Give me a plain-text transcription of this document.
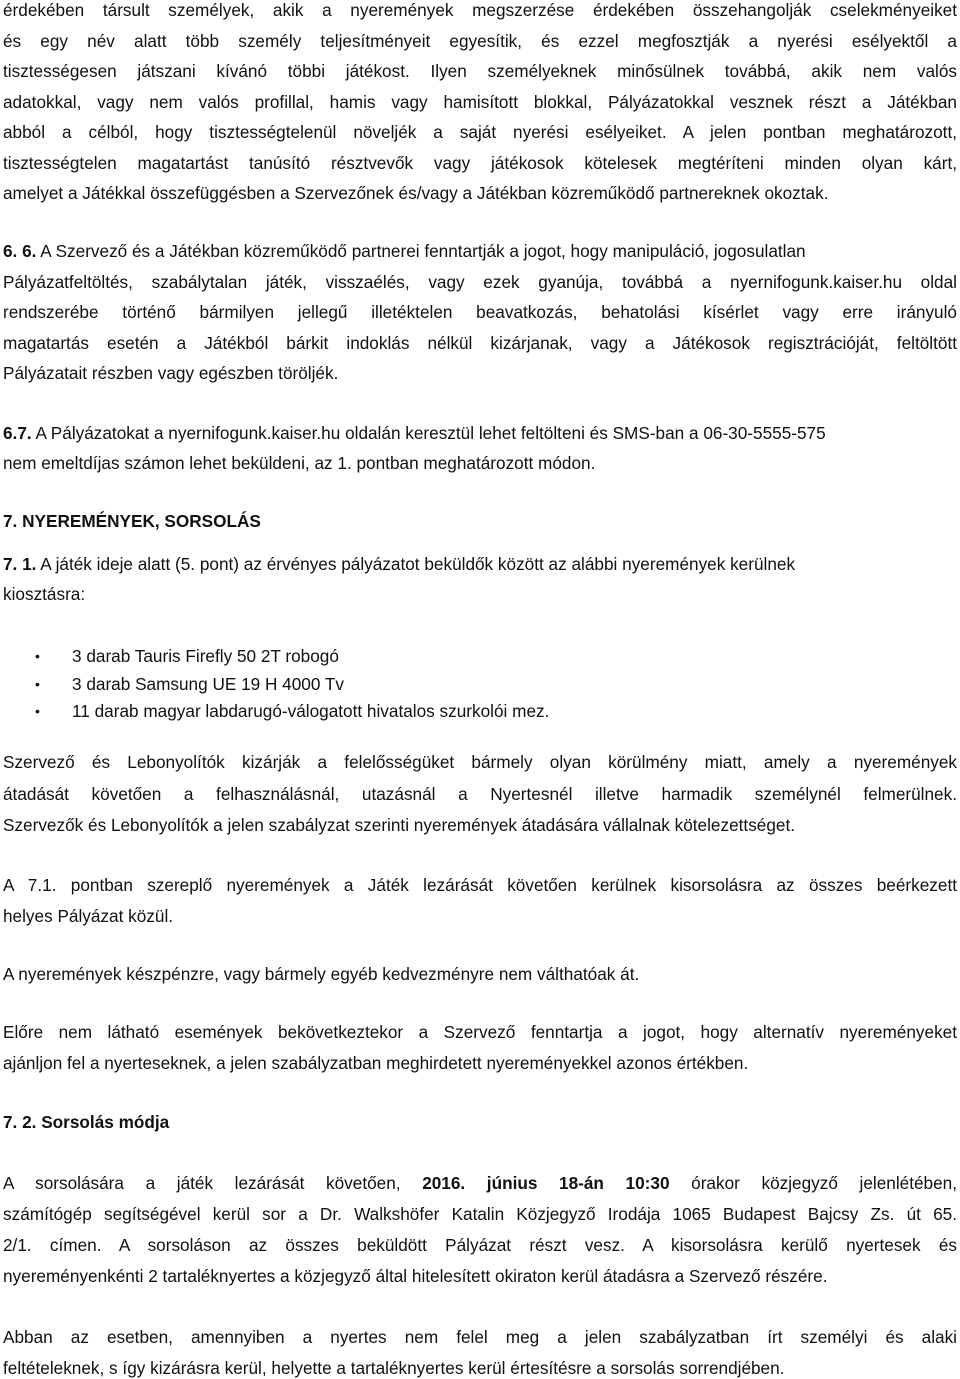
érdekében társult személyek, akik a nyeremények megszerzése érdekében összehangolják cselekményeiket
és egy név alatt több személy teljesítményeit egyesítik, és ezzel megfosztják a nyerési esélyektől a
tisztességesen játszani kívánó többi játékost. Ilyen személyeknek minősülnek továbbá, akik nem valós
adatokkal, vagy nem valós profillal, hamis vagy hamisított blokkal, Pályázatokkal vesznek részt a Játékban
abból a célból, hogy tisztességtelenül növeljék a saját nyerési esélyeiket. A jelen pontban meghatározott,
tisztességtelen magatartást tanúsító résztvevők vagy játékosok kötelesek megtéríteni minden olyan kárt,
amelyet a Játékkal összefüggésben a Szervezőnek és/vagy a Játékban közreműködő partnereknek okoztak.
6. 6. A Szervező és a Játékban közreműködő partnerei fenntartják a jogot, hogy manipuláció, jogosulatlan
Pályázatfeltöltés, szabálytalan játék, visszaélés, vagy ezek gyanúja, továbbá a nyernifogunk.kaiser.hu oldal
rendszerébe történő bármilyen jellegű illetéktelen beavatkozás, behatolási kísérlet vagy erre irányuló
magatartás esetén a Játékból bárkit indoklás nélkül kizárjanak, vagy a Játékosok regisztrációját, feltöltött
Pályázatait részben vagy egészben töröljék.
6.7. A Pályázatokat a nyernifogunk.kaiser.hu oldalán keresztül lehet feltölteni és SMS-ban a 06-30-5555-575
nem emeltdíjas számon lehet beküldeni, az 1. pontban meghatározott módon.
7. NYEREMÉNYEK, SORSOLÁS
7. 1. A játék ideje alatt (5. pont) az érvényes pályázatot beküldők között az alábbi nyeremények kerülnek
kiosztásra:
• 3 darab Tauris Firefly 50 2T robogó
• 3 darab Samsung UE 19 H 4000 Tv
• 11 darab magyar labdarugó-válogatott hivatalos szurkolói mez.
Szervező és Lebonyolítók kizárják a felelősségüket bármely olyan körülmény miatt, amely a nyeremények
átadását követően a felhasználásnál, utazásnál a Nyertesnél illetve harmadik személynél felmerülnek.
Szervezők és Lebonyolítók a jelen szabályzat szerinti nyeremények átadására vállalnak kötelezettséget.
A 7.1. pontban szereplő nyeremények a Játék lezárását követően kerülnek kisorsolásra az összes beérkezett
helyes Pályázat közül.
A nyeremények készpénzre, vagy bármely egyéb kedvezményre nem válthatóak át.
Előre nem látható események bekövetkeztekor a Szervező fenntartja a jogot, hogy alternatív nyereményeket
ajánljon fel a nyerteseknek, a jelen szabályzatban meghirdetett nyereményekkel azonos értékben.
7. 2. Sorsolás módja
A sorsolására a játék lezárását követően, 2016. június 18-án 10:30 órakor közjegyző jelenlétében,
számítógép segítségével kerül sor a Dr. Walkshöfer Katalin Közjegyző Irodája 1065 Budapest Bajcsy Zs. út 65.
2/1. címen. A sorsoláson az összes beküldött Pályázat részt vesz. A kisorsolásra kerülő nyertesek és
nyereményenkénti 2 tartaléknyertes a közjegyző által hitelesített okiraton kerül átadásra a Szervező részére.
Abban az esetben, amennyiben a nyertes nem felel meg a jelen szabályzatban írt személyi és alaki
feltételeknek, s így kizárásra kerül, helyette a tartaléknyertes kerül értesítésre a sorsolás sorrendjében.
